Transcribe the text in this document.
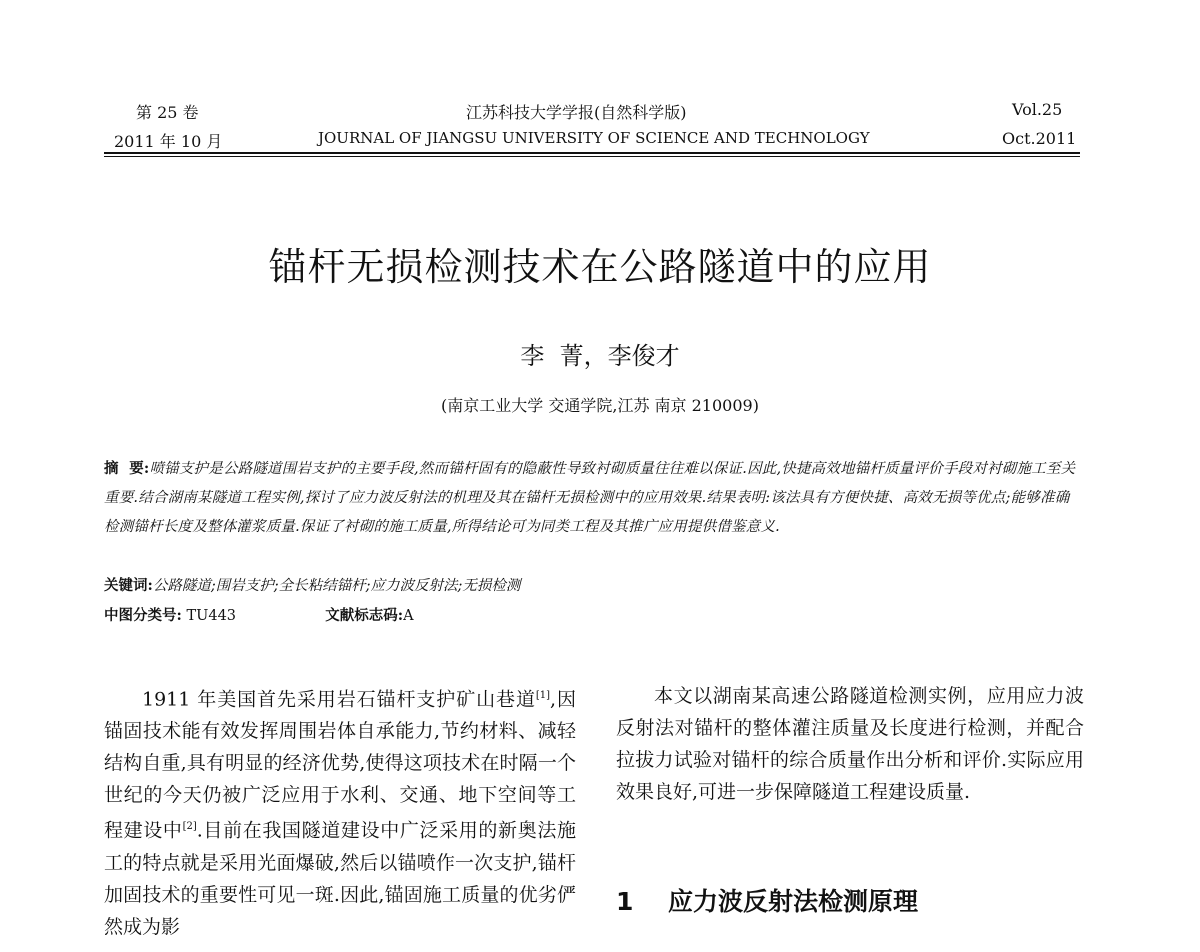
第 25 卷	江苏科技大学学报(自然科学版)	Vol.25
2011 年 10 月	JOURNAL OF JIANGSU UNIVERSITY OF SCIENCE AND TECHNOLOGY	Oct.2011
锚杆无损检测技术在公路隧道中的应用
李  菁，李俊才
(南京工业大学 交通学院,江苏 南京 210009)
摘  要:喷锚支护是公路隧道围岩支护的主要手段,然而锚杆固有的隐蔽性导致衬砌质量往往难以保证.因此,快捷高效地锚杆质量评价手段对衬砌施工至关重要.结合湖南某隧道工程实例,探讨了应力波反射法的机理及其在锚杆无损检测中的应用效果.结果表明:该法具有方便快捷、高效无损等优点;能够准确检测锚杆长度及整体灌浆质量.保证了衬砌的施工质量,所得结论可为同类工程及其推广应用提供借鉴意义.
关键词:公路隧道;围岩支护;全长粘结锚杆;应力波反射法;无损检测
中图分类号: TU443	文献标志码:A
1911 年美国首先采用岩石锚杆支护矿山巷道[1],因锚固技术能有效发挥周围岩体自承能力,节约材料、减轻结构自重,具有明显的经济优势,使得这项技术在时隔一个世纪的今天仍被广泛应用于水利、交通、地下空间等工程建设中[2].目前在我国隧道建设中广泛采用的新奥法施工的特点就是采用光面爆破,然后以锚喷作一次支护,锚杆加固技术的重要性可见一斑.因此,锚固施工质量的优劣俨然成为影
本文以湖南某高速公路隧道检测实例，应用应力波反射法对锚杆的整体灌注质量及长度进行检测，并配合拉拔力试验对锚杆的综合质量作出分析和评价.实际应用效果良好,可进一步保障隧道工程建设质量.
1 应力波反射法检测原理
